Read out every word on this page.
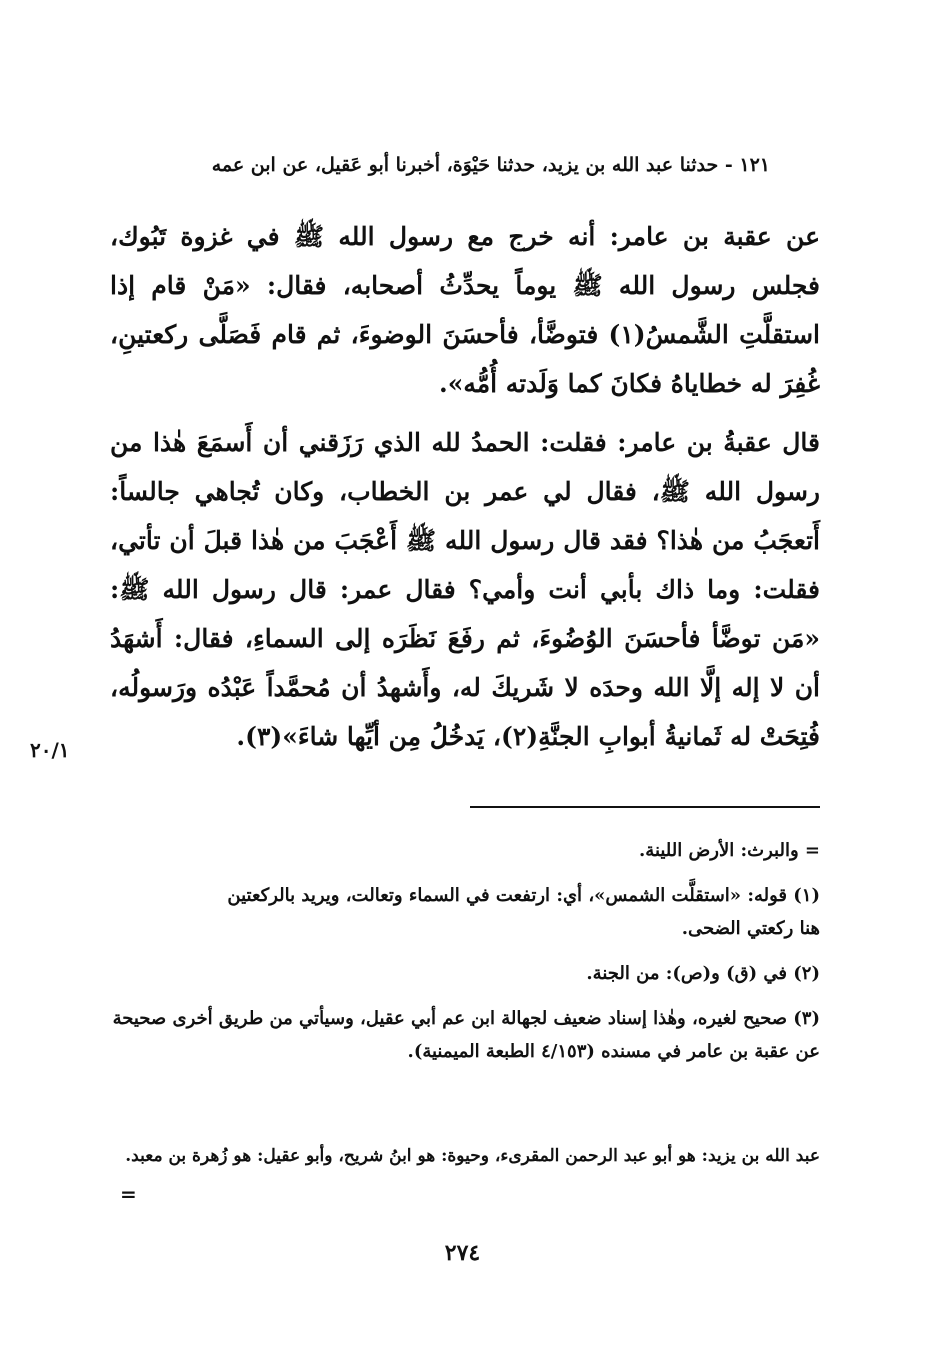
١٢١ - حدثنا عبد الله بن يزيد، حدثنا حَيْوَة، أخبرنا أبو عَقيل، عن ابن عمه

عن عقبة بن عامر: أنه خرج مع رسول الله ﷺ في غزوة تَبُوك، فجلس رسول الله ﷺ يوماً يحدِّثُ أصحابه، فقال: «مَنْ قام إذا استقلَّتِ الشَّمسُ(١) فتوضَّأ، فأحسَنَ الوضوءَ، ثم قام فَصَلَّى ركعتينِ، غُفِرَ له خطاياهُ فكانَ كما وَلَدته أُمُّه».

قال عقبةُ بن عامر: فقلت: الحمدُ لله الذي رَزَقني أن أَسمَعَ هٰذا من رسول الله ﷺ، فقال لي عمر بن الخطاب، وكان تُجاهي جالساً: أَتعجَبُ من هٰذا؟ فقد قال رسول الله ﷺ أَعْجَبَ من هٰذا قبلَ أن تأتي، فقلت: وما ذاك بأبي أنت وأمي؟ فقال عمر: قال رسول الله ﷺ: «مَن توضَّأ فأحسَنَ الوُضُوءَ، ثم رفَعَ نَظَرَه إلى السماءِ، فقال: أَشهَدُ أن لا إله إلَّا الله وحدَه لا شَريكَ له، وأَشهدُ أن مُحمَّداً عَبْدُه ورَسولُه، فُتِحَتْ له ثَمانيةُ أبوابِ الجنَّةِ(٢)، يَدخُلُ مِن أيِّها شاءَ»(٣).

٢٠/١
= والبرث: الأرض اللينة.
(١) قوله: «استقلَّت الشمس»، أي: ارتفعت في السماء وتعالت، ويريد بالركعتين
هنا ركعتي الضحى.
(٢) في (ق) و(ص): من الجنة.
(٣) صحيح لغيره، وهٰذا إسناد ضعيف لجهالة ابن عم أبي عقيل، وسيأتي من طريق أخرى صحيحة عن عقبة بن عامر في مسنده (٤/١٥٣ الطبعة الميمنية).
عبد الله بن يزيد: هو أبو عبد الرحمن المقرىء، وحيوة: هو ابنُ شريح، وأبو عقيل: هو زُهرة بن معبد.
=
٢٧٤
